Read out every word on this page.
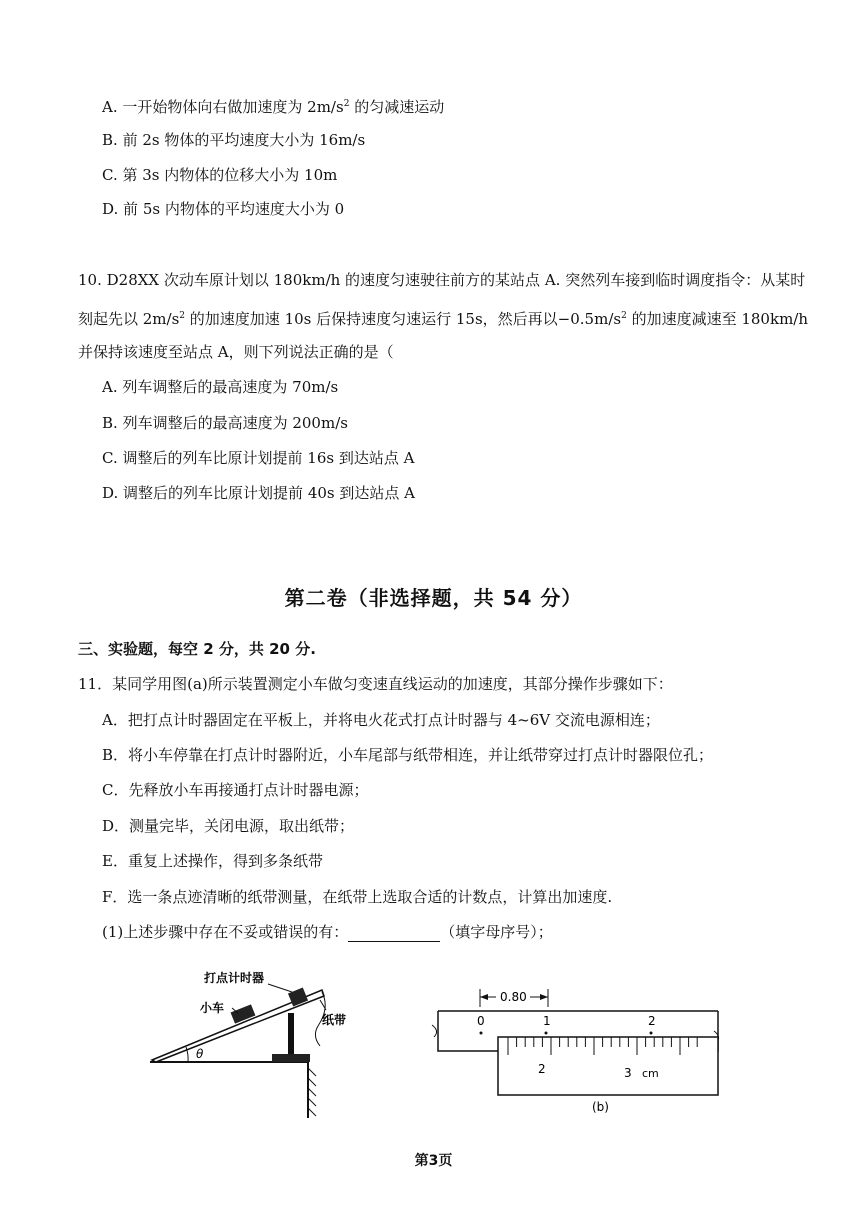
A. 一开始物体向右做加速度为 $2m/s^2$ 的匀减速运动
B. 前 2s 物体的平均速度大小为 16m/s
C. 第 3s 内物体的位移大小为 10m
D. 前 5s 内物体的平均速度大小为 0
10. D28XX 次动车原计划以 180km/h 的速度匀速驶往前方的某站点 A. 突然列车接到临时调度指令：从某时
刻起先以 $2m/s^2$ 的加速度加速 10s 后保持速度匀速运行 15s，然后再以$-0.5m/s^2$ 的加速度减速至 180km/h
并保持该速度至站点 A，则下列说法正确的是（
A. 列车调整后的最高速度为 70m/s
B. 列车调整后的最高速度为 200m/s
C. 调整后的列车比原计划提前 16s 到达站点 A
D. 调整后的列车比原计划提前 40s 到达站点 A
第二卷（非选择题，共 54 分）
三、实验题，每空 2 分，共 20 分.
11．某同学用图(a)所示装置测定小车做匀变速直线运动的加速度，其部分操作步骤如下：
A．把打点计时器固定在平板上，并将电火花式打点计时器与 4~6V 交流电源相连；
B．将小车停靠在打点计时器附近，小车尾部与纸带相连，并让纸带穿过打点计时器限位孔；
C．先释放小车再接通打点计时器电源；
D．测量完毕，关闭电源，取出纸带；
E．重复上述操作，得到多条纸带
F．选一条点迹清晰的纸带测量，在纸带上选取合适的计数点，计算出加速度.
(1)上述步骤中存在不妥或错误的有：	（填字母序号）；
θ
打点计时器
小车
纸带
0.80
0	1	2
2	3 cm
(b)
第3页
